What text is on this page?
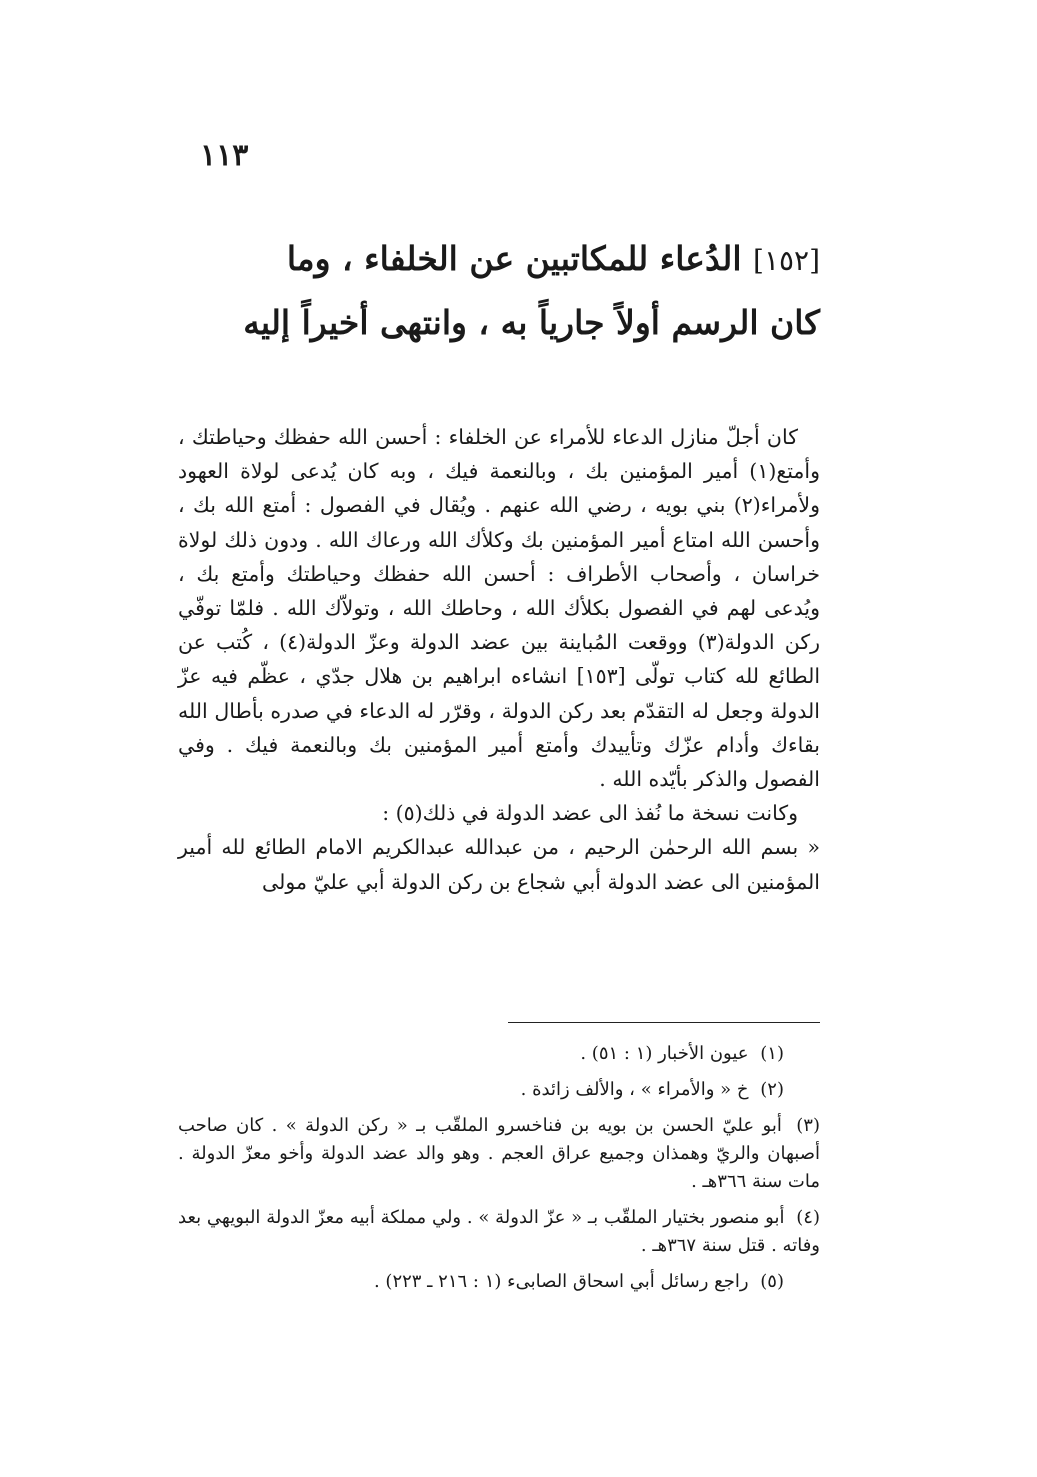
١١٣
[١٥٢] الدُعاء للمكاتبين عن الخلفاء ، وما كان الرسم أولاً جارياً به ، وانتهى أخيراً إليه

كان أجلّ منازل الدعاء للأمراء عن الخلفاء : أحسن الله حفظك وحياطتك ، وأمتع(١) أمير المؤمنين بك ، وبالنعمة فيك ، وبه كان يُدعى لولاة العهود ولأمراء(٢) بني بويه ، رضي الله عنهم . ويُقال في الفصول : أمتع الله بك ، وأحسن الله امتاع أمير المؤمنين بك وكلأك الله ورعاك الله . ودون ذلك لولاة خراسان ، وأصحاب الأطراف : أحسن الله حفظك وحياطتك وأمتع بك ، ويُدعى لهم في الفصول بكلأك الله ، وحاطك الله ، وتولاّك الله . فلمّا توفّي ركن الدولة(٣) ووقعت المُباينة بين عضد الدولة وعزّ الدولة(٤) ، كُتب عن الطائع لله كتاب تولّى [١٥٣] انشاءه ابراهيم بن هلال جدّي ، عظّم فيه عزّ الدولة وجعل له التقدّم بعد ركن الدولة ، وقرّر له الدعاء في صدره بأطال الله بقاءك وأدام عزّك وتأييدك وأمتع أمير المؤمنين بك وبالنعمة فيك . وفي الفصول والذكر بأيّده الله .

وكانت نسخة ما نُفذ الى عضد الدولة في ذلك(٥) :

« بسم الله الرحمٰن الرحيم ، من عبدالله عبدالكريم الامام الطائع لله أمير المؤمنين الى عضد الدولة أبي شجاع بن ركن الدولة أبي عليّ مولى

(١) عيون الأخبار (١ : ٥١) .

(٢) خ « والأمراء » ، والألف زائدة .

(٣) أبو عليّ الحسن بن بويه بن فناخسرو الملقّب بـ « ركن الدولة » . كان صاحب أصبهان والريّ وهمذان وجميع عراق العجم . وهو والد عضد الدولة وأخو معزّ الدولة . مات سنة ٣٦٦هـ .

(٤) أبو منصور بختيار الملقّب بـ « عزّ الدولة » . ولي مملكة أبيه معزّ الدولة البويهي بعد وفاته . قتل سنة ٣٦٧هـ .

(٥) راجع رسائل أبي اسحاق الصابىء (١ : ٢١٦ ـ ٢٢٣) .
